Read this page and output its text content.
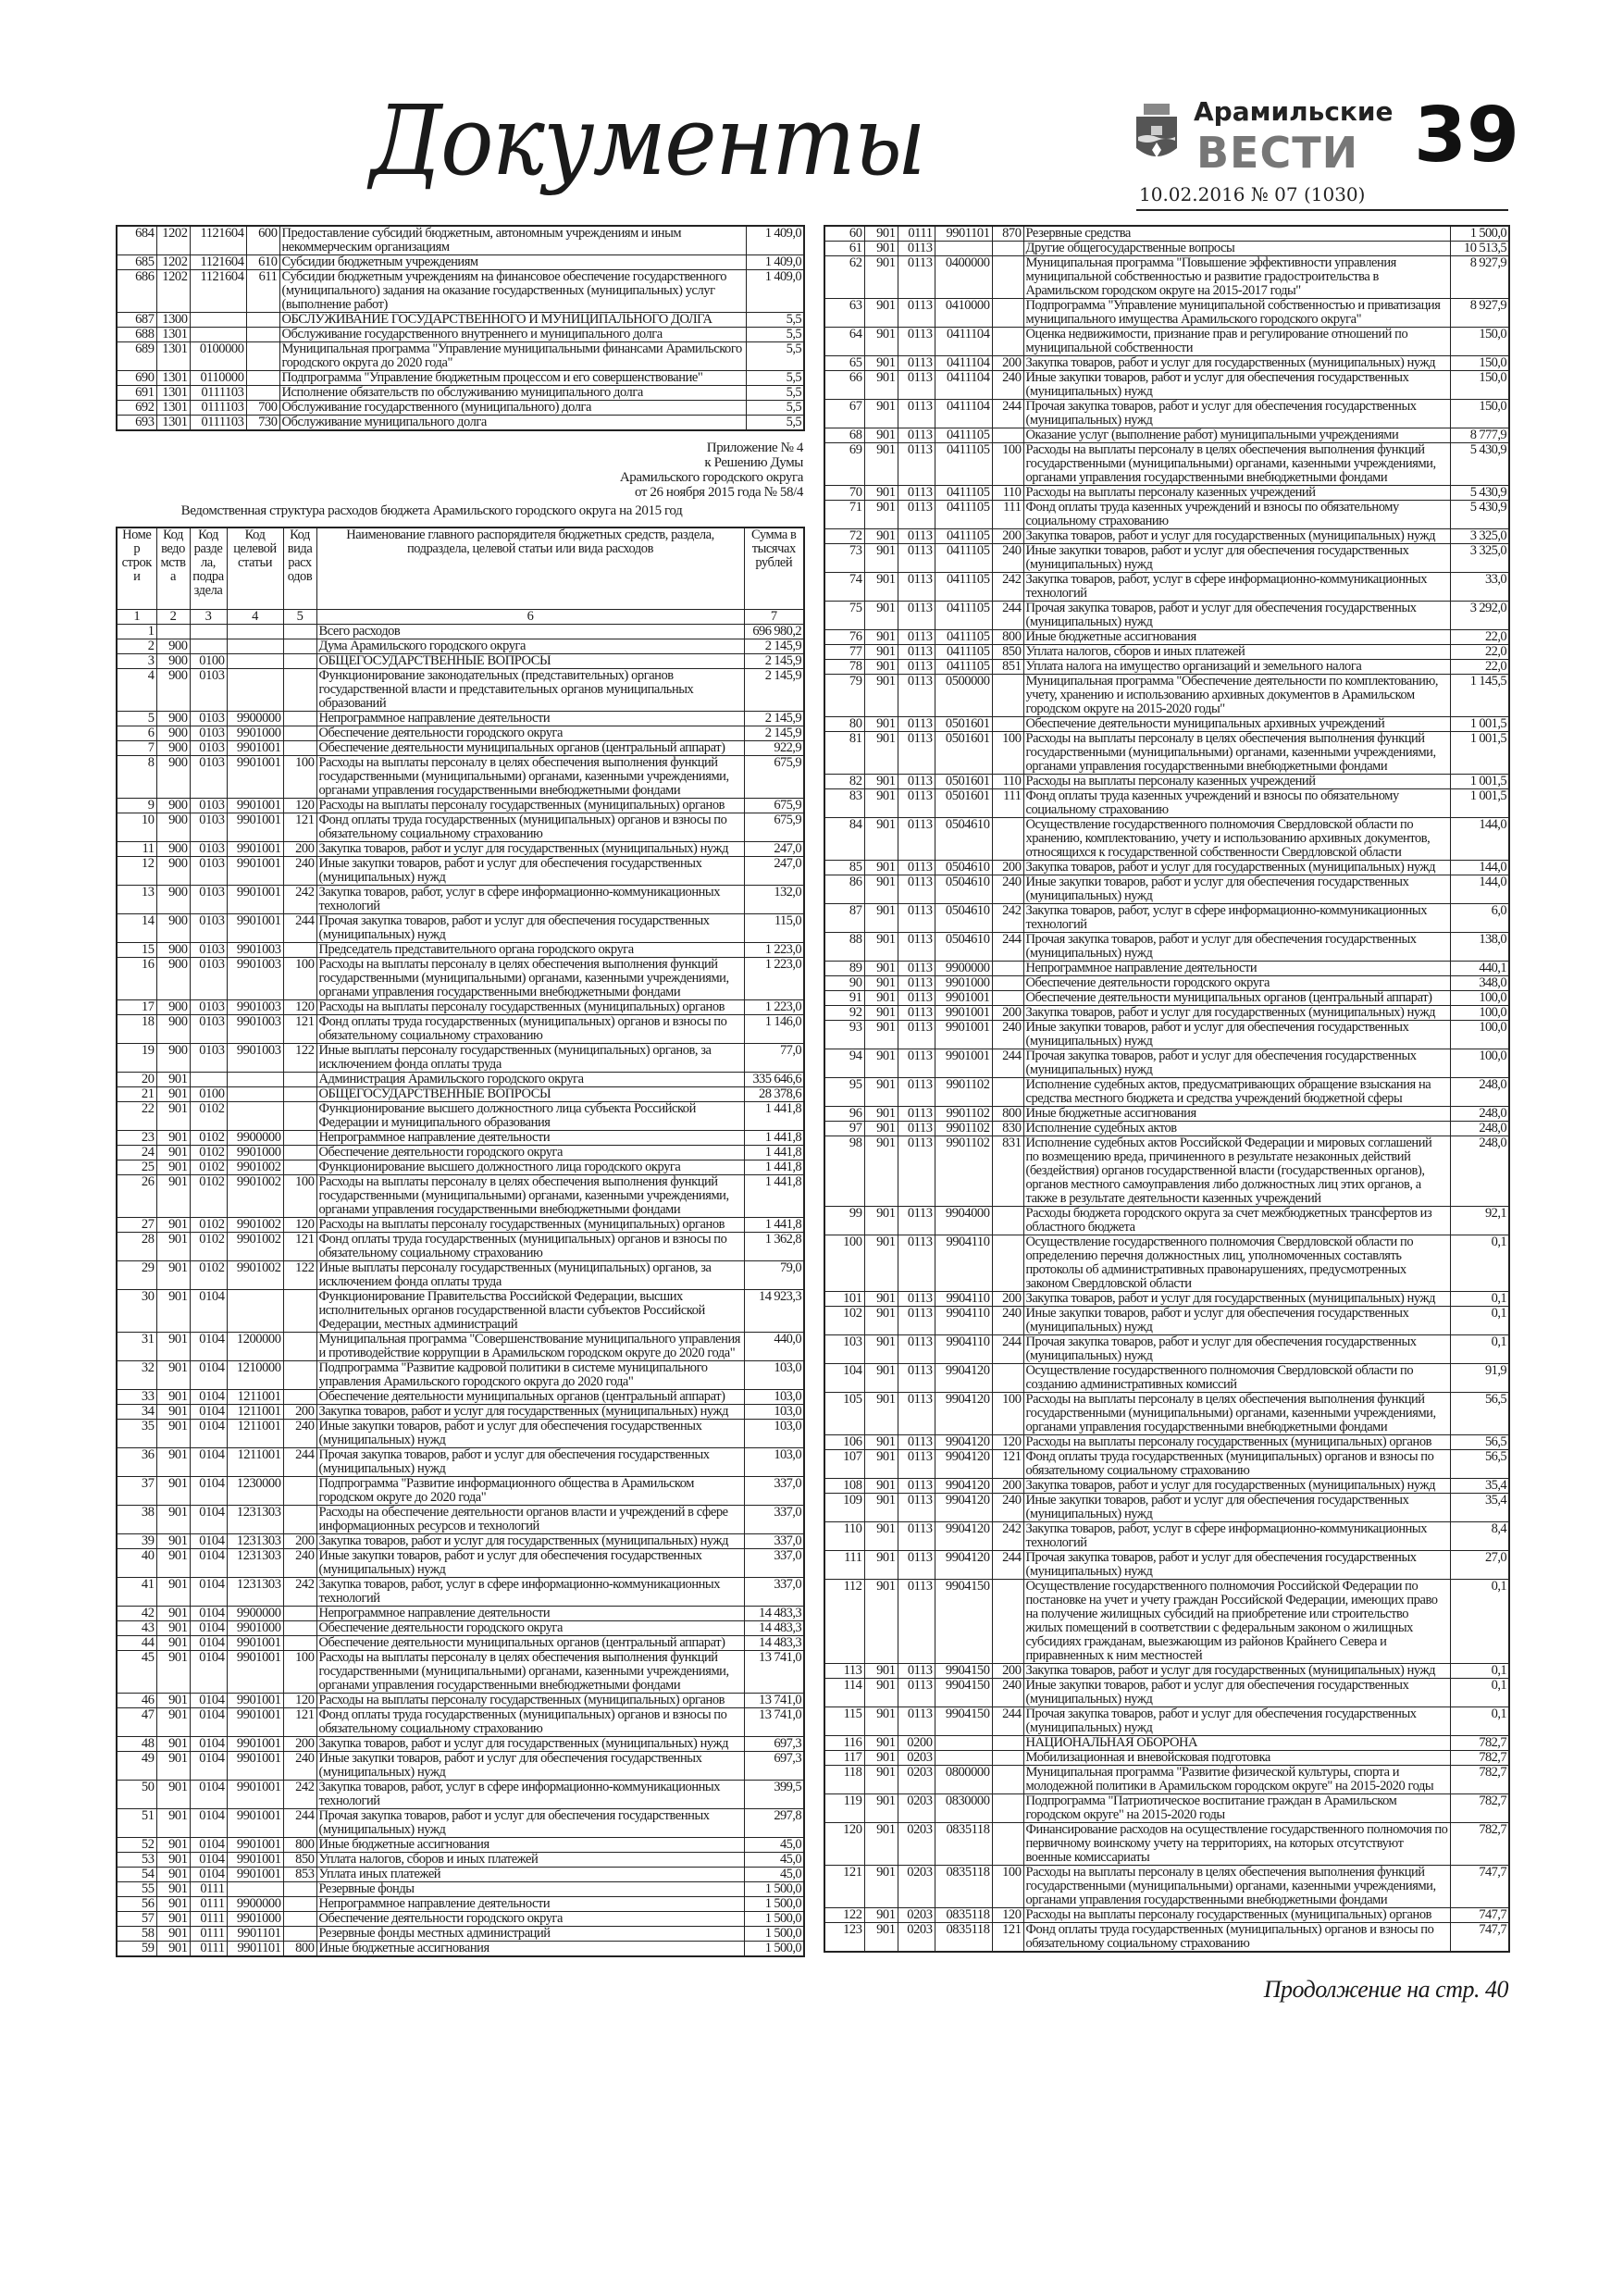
Документы	Арамильские
ВЕСТИ 39
10.02.2016 № 07 (1030)
684	1202	1121604	600	Предоставление субсидий бюджетным, автономным учреждениям и иным некоммерческим организациям	1 409,0
685	1202	1121604	610	Субсидии бюджетным учреждениям	1 409,0
686	1202	1121604	611	Субсидии бюджетным учреждениям на финансовое обеспечение государственного (муниципального) задания на оказание государственных (муниципальных) услуг (выполнение работ)	1 409,0
687	1300			ОБСЛУЖИВАНИЕ ГОСУДАРСТВЕННОГО И МУНИЦИПАЛЬНОГО ДОЛГА	5,5
688	1301			Обслуживание государственного внутреннего и муниципального долга	5,5
689	1301	0100000		Муниципальная программа "Управление муниципальными финансами Арамильского городского округа до 2020 года"	5,5
690	1301	0110000		Подпрограмма "Управление бюджетным процессом и его совершенствование"	5,5
691	1301	0111103		Исполнение обязательств по обслуживанию муниципального долга	5,5
692	1301	0111103	700	Обслуживание государственного (муниципального) долга	5,5
693	1301	0111103	730	Обслуживание муниципального долга	5,5
Приложение № 4
к Решению Думы
Арамильского городского округа
от 26 ноября 2015 года № 58/4
Ведомственная структура расходов бюджета Арамильского городского округа на 2015 год
Номер строки	Код ведомства	Код раздела, подраздела	Код целевой статьи	Код вида расходов	Наименование главного распорядителя бюджетных средств, раздела, подраздела, целевой статьи или вида расходов	Сумма в тысячах рублей
1	2	3	4	5	6	7
1					Всего расходов	696 980,2
2	900				Дума Арамильского городского округа	2 145,9
3	900	0100			ОБЩЕГОСУДАРСТВЕННЫЕ ВОПРОСЫ	2 145,9
4	900	0103			Функционирование законодательных (представительных) органов государственной власти и представительных органов муниципальных образований	2 145,9
5	900	0103	9900000		Непрограммное направление деятельности	2 145,9
6	900	0103	9901000		Обеспечение деятельности городского округа	2 145,9
7	900	0103	9901001		Обеспечение деятельности муниципальных органов (центральный аппарат)	922,9
8	900	0103	9901001	100	Расходы на выплаты персоналу в целях обеспечения выполнения функций государственными (муниципальными) органами, казенными учреждениями, органами управления государственными внебюджетными фондами	675,9
9	900	0103	9901001	120	Расходы на выплаты персоналу государственных (муниципальных) органов	675,9
10	900	0103	9901001	121	Фонд оплаты труда государственных (муниципальных) органов и взносы по обязательному социальному страхованию	675,9
11	900	0103	9901001	200	Закупка товаров, работ и услуг для государственных (муниципальных) нужд	247,0
12	900	0103	9901001	240	Иные закупки товаров, работ и услуг для обеспечения государственных (муниципальных) нужд	247,0
13	900	0103	9901001	242	Закупка товаров, работ, услуг в сфере информационно-коммуникационных технологий	132,0
14	900	0103	9901001	244	Прочая закупка товаров, работ и услуг для обеспечения государственных (муниципальных) нужд	115,0
15	900	0103	9901003		Председатель представительного органа городского округа	1 223,0
16	900	0103	9901003	100	Расходы на выплаты персоналу в целях обеспечения выполнения функций государственными (муниципальными) органами, казенными учреждениями, органами управления государственными внебюджетными фондами	1 223,0
17	900	0103	9901003	120	Расходы на выплаты персоналу государственных (муниципальных) органов	1 223,0
18	900	0103	9901003	121	Фонд оплаты труда государственных (муниципальных) органов и взносы по обязательному социальному страхованию	1 146,0
19	900	0103	9901003	122	Иные выплаты персоналу государственных (муниципальных) органов, за исключением фонда оплаты труда	77,0
20	901				Администрация Арамильского городского округа	335 646,6
21	901	0100			ОБЩЕГОСУДАРСТВЕННЫЕ ВОПРОСЫ	28 378,6
22	901	0102			Функционирование высшего должностного лица субъекта Российской Федерации и муниципального образования	1 441,8
23	901	0102	9900000		Непрограммное направление деятельности	1 441,8
24	901	0102	9901000		Обеспечение деятельности городского округа	1 441,8
25	901	0102	9901002		Функционирование высшего должностного лица городского округа	1 441,8
26	901	0102	9901002	100	Расходы на выплаты персоналу в целях обеспечения выполнения функций государственными (муниципальными) органами, казенными учреждениями, органами управления государственными внебюджетными фондами	1 441,8
27	901	0102	9901002	120	Расходы на выплаты персоналу государственных (муниципальных) органов	1 441,8
28	901	0102	9901002	121	Фонд оплаты труда государственных (муниципальных) органов и взносы по обязательному социальному страхованию	1 362,8
29	901	0102	9901002	122	Иные выплаты персоналу государственных (муниципальных) органов, за исключением фонда оплаты труда	79,0
30	901	0104			Функционирование Правительства Российской Федерации, высших исполнительных органов государственной власти субъектов Российской Федерации, местных администраций	14 923,3
31	901	0104	1200000		Муниципальная программа "Совершенствование муниципального управления и противодействие коррупции в Арамильском городском округе до 2020 года"	440,0
32	901	0104	1210000		Подпрограмма "Развитие кадровой политики в системе муниципального управления Арамильского городского округа до 2020 года"	103,0
33	901	0104	1211001		Обеспечение деятельности муниципальных органов (центральный аппарат)	103,0
34	901	0104	1211001	200	Закупка товаров, работ и услуг для государственных (муниципальных) нужд	103,0
35	901	0104	1211001	240	Иные закупки товаров, работ и услуг для обеспечения государственных (муниципальных) нужд	103,0
36	901	0104	1211001	244	Прочая закупка товаров, работ и услуг для обеспечения государственных (муниципальных) нужд	103,0
37	901	0104	1230000		Подпрограмма "Развитие информационного общества в Арамильском городском округе до 2020 года"	337,0
38	901	0104	1231303		Расходы на обеспечение деятельности органов власти и учреждений в сфере информационных ресурсов и технологий	337,0
39	901	0104	1231303	200	Закупка товаров, работ и услуг для государственных (муниципальных) нужд	337,0
40	901	0104	1231303	240	Иные закупки товаров, работ и услуг для обеспечения государственных (муниципальных) нужд	337,0
41	901	0104	1231303	242	Закупка товаров, работ, услуг в сфере информационно-коммуникационных технологий	337,0
42	901	0104	9900000		Непрограммное направление деятельности	14 483,3
43	901	0104	9901000		Обеспечение деятельности городского округа	14 483,3
44	901	0104	9901001		Обеспечение деятельности муниципальных органов (центральный аппарат)	14 483,3
45	901	0104	9901001	100	Расходы на выплаты персоналу в целях обеспечения выполнения функций государственными (муниципальными) органами, казенными учреждениями, органами управления государственными внебюджетными фондами	13 741,0
46	901	0104	9901001	120	Расходы на выплаты персоналу государственных (муниципальных) органов	13 741,0
47	901	0104	9901001	121	Фонд оплаты труда государственных (муниципальных) органов и взносы по обязательному социальному страхованию	13 741,0
48	901	0104	9901001	200	Закупка товаров, работ и услуг для государственных (муниципальных) нужд	697,3
49	901	0104	9901001	240	Иные закупки товаров, работ и услуг для обеспечения государственных (муниципальных) нужд	697,3
50	901	0104	9901001	242	Закупка товаров, работ, услуг в сфере информационно-коммуникационных технологий	399,5
51	901	0104	9901001	244	Прочая закупка товаров, работ и услуг для обеспечения государственных (муниципальных) нужд	297,8
52	901	0104	9901001	800	Иные бюджетные ассигнования	45,0
53	901	0104	9901001	850	Уплата налогов, сборов и иных платежей	45,0
54	901	0104	9901001	853	Уплата иных платежей	45,0
55	901	0111			Резервные фонды	1 500,0
56	901	0111	9900000		Непрограммное направление деятельности	1 500,0
57	901	0111	9901000		Обеспечение деятельности городского округа	1 500,0
58	901	0111	9901101		Резервные фонды местных администраций	1 500,0
59	901	0111	9901101	800	Иные бюджетные ассигнования	1 500,0
60	901	0111	9901101	870	Резервные средства	1 500,0
61	901	0113			Другие общегосударственные вопросы	10 513,5
62	901	0113	0400000		Муниципальная программа "Повышение эффективности управления муниципальной собственностью и развитие градостроительства в Арамильском городском округе на 2015-2017 годы"	8 927,9
63	901	0113	0410000		Подпрограмма "Управление муниципальной собственностью и приватизация муниципального имущества Арамильского городского округа"	8 927,9
64	901	0113	0411104		Оценка недвижимости, признание прав и регулирование отношений по муниципальной собственности	150,0
65	901	0113	0411104	200	Закупка товаров, работ и услуг для государственных (муниципальных) нужд	150,0
66	901	0113	0411104	240	Иные закупки товаров, работ и услуг для обеспечения государственных (муниципальных) нужд	150,0
67	901	0113	0411104	244	Прочая закупка товаров, работ и услуг для обеспечения государственных (муниципальных) нужд	150,0
68	901	0113	0411105		Оказание услуг (выполнение работ) муниципальными учреждениями	8 777,9
69	901	0113	0411105	100	Расходы на выплаты персоналу в целях обеспечения выполнения функций государственными (муниципальными) органами, казенными учреждениями, органами управления государственными внебюджетными фондами	5 430,9
70	901	0113	0411105	110	Расходы на выплаты персоналу казенных учреждений	5 430,9
71	901	0113	0411105	111	Фонд оплаты труда казенных учреждений и взносы по обязательному социальному страхованию	5 430,9
72	901	0113	0411105	200	Закупка товаров, работ и услуг для государственных (муниципальных) нужд	3 325,0
73	901	0113	0411105	240	Иные закупки товаров, работ и услуг для обеспечения государственных (муниципальных) нужд	3 325,0
74	901	0113	0411105	242	Закупка товаров, работ, услуг в сфере информационно-коммуникационных технологий	33,0
75	901	0113	0411105	244	Прочая закупка товаров, работ и услуг для обеспечения государственных (муниципальных) нужд	3 292,0
76	901	0113	0411105	800	Иные бюджетные ассигнования	22,0
77	901	0113	0411105	850	Уплата налогов, сборов и иных платежей	22,0
78	901	0113	0411105	851	Уплата налога на имущество организаций и земельного налога	22,0
79	901	0113	0500000		Муниципальная программа "Обеспечение деятельности по комплектованию, учету, хранению и использованию архивных документов в Арамильском городском округе на 2015-2020 годы"	1 145,5
80	901	0113	0501601		Обеспечение деятельности муниципальных архивных учреждений	1 001,5
81	901	0113	0501601	100	Расходы на выплаты персоналу в целях обеспечения выполнения функций государственными (муниципальными) органами, казенными учреждениями, органами управления государственными внебюджетными фондами	1 001,5
82	901	0113	0501601	110	Расходы на выплаты персоналу казенных учреждений	1 001,5
83	901	0113	0501601	111	Фонд оплаты труда казенных учреждений и взносы по обязательному социальному страхованию	1 001,5
84	901	0113	0504610		Осуществление государственного полномочия Свердловской области по хранению, комплектованию, учету и использованию архивных документов, относящихся к государственной собственности Свердловской области	144,0
85	901	0113	0504610	200	Закупка товаров, работ и услуг для государственных (муниципальных) нужд	144,0
86	901	0113	0504610	240	Иные закупки товаров, работ и услуг для обеспечения государственных (муниципальных) нужд	144,0
87	901	0113	0504610	242	Закупка товаров, работ, услуг в сфере информационно-коммуникационных технологий	6,0
88	901	0113	0504610	244	Прочая закупка товаров, работ и услуг для обеспечения государственных (муниципальных) нужд	138,0
89	901	0113	9900000		Непрограммное направление деятельности	440,1
90	901	0113	9901000		Обеспечение деятельности городского округа	348,0
91	901	0113	9901001		Обеспечение деятельности муниципальных органов (центральный аппарат)	100,0
92	901	0113	9901001	200	Закупка товаров, работ и услуг для государственных (муниципальных) нужд	100,0
93	901	0113	9901001	240	Иные закупки товаров, работ и услуг для обеспечения государственных (муниципальных) нужд	100,0
94	901	0113	9901001	244	Прочая закупка товаров, работ и услуг для обеспечения государственных (муниципальных) нужд	100,0
95	901	0113	9901102		Исполнение судебных актов, предусматривающих обращение взыскания на средства местного бюджета и средства учреждений бюджетной сферы	248,0
96	901	0113	9901102	800	Иные бюджетные ассигнования	248,0
97	901	0113	9901102	830	Исполнение судебных актов	248,0
98	901	0113	9901102	831	Исполнение судебных актов Российской Федерации и мировых соглашений по возмещению вреда, причиненного в результате незаконных действий (бездействия) органов государственной власти (государственных органов), органов местного самоуправления либо должностных лиц этих органов, а также в результате деятельности казенных учреждений	248,0
99	901	0113	9904000		Расходы бюджета городского округа за счет межбюджетных трансфертов из областного бюджета	92,1
100	901	0113	9904110		Осуществление государственного полномочия Свердловской области по определению перечня должностных лиц, уполномоченных составлять протоколы об административных правонарушениях, предусмотренных законом Свердловской области	0,1
101	901	0113	9904110	200	Закупка товаров, работ и услуг для государственных (муниципальных) нужд	0,1
102	901	0113	9904110	240	Иные закупки товаров, работ и услуг для обеспечения государственных (муниципальных) нужд	0,1
103	901	0113	9904110	244	Прочая закупка товаров, работ и услуг для обеспечения государственных (муниципальных) нужд	0,1
104	901	0113	9904120		Осуществление государственного полномочия Свердловской области по созданию административных комиссий	91,9
105	901	0113	9904120	100	Расходы на выплаты персоналу в целях обеспечения выполнения функций государственными (муниципальными) органами, казенными учреждениями, органами управления государственными внебюджетными фондами	56,5
106	901	0113	9904120	120	Расходы на выплаты персоналу государственных (муниципальных) органов	56,5
107	901	0113	9904120	121	Фонд оплаты труда государственных (муниципальных) органов и взносы по обязательному социальному страхованию	56,5
108	901	0113	9904120	200	Закупка товаров, работ и услуг для государственных (муниципальных) нужд	35,4
109	901	0113	9904120	240	Иные закупки товаров, работ и услуг для обеспечения государственных (муниципальных) нужд	35,4
110	901	0113	9904120	242	Закупка товаров, работ, услуг в сфере информационно-коммуникационных технологий	8,4
111	901	0113	9904120	244	Прочая закупка товаров, работ и услуг для обеспечения государственных (муниципальных) нужд	27,0
112	901	0113	9904150		Осуществление государственного полномочия Российской Федерации по постановке на учет и учету граждан Российской Федерации, имеющих право на получение жилищных субсидий на приобретение или строительство жилых помещений в соответствии с федеральным законом о жилищных субсидиях гражданам, выезжающим из районов Крайнего Севера и приравненных к ним местностей	0,1
113	901	0113	9904150	200	Закупка товаров, работ и услуг для государственных (муниципальных) нужд	0,1
114	901	0113	9904150	240	Иные закупки товаров, работ и услуг для обеспечения государственных (муниципальных) нужд	0,1
115	901	0113	9904150	244	Прочая закупка товаров, работ и услуг для обеспечения государственных (муниципальных) нужд	0,1
116	901	0200			НАЦИОНАЛЬНАЯ ОБОРОНА	782,7
117	901	0203			Мобилизационная и вневойсковая подготовка	782,7
118	901	0203	0800000		Муниципальная программа "Развитие физической культуры, спорта и молодежной политики в Арамильском городском округе" на 2015-2020 годы	782,7
119	901	0203	0830000		Подпрограмма "Патриотическое воспитание граждан в Арамильском городском округе" на 2015-2020 годы	782,7
120	901	0203	0835118		Финансирование расходов на осуществление государственного полномочия по первичному воинскому учету на территориях, на которых отсутствуют военные комиссариаты	782,7
121	901	0203	0835118	100	Расходы на выплаты персоналу в целях обеспечения выполнения функций государственными (муниципальными) органами, казенными учреждениями, органами управления государственными внебюджетными фондами	747,7
122	901	0203	0835118	120	Расходы на выплаты персоналу государственных (муниципальных) органов	747,7
123	901	0203	0835118	121	Фонд оплаты труда государственных (муниципальных) органов и взносы по обязательному социальному страхованию	747,7
Продолжение на стр. 40
